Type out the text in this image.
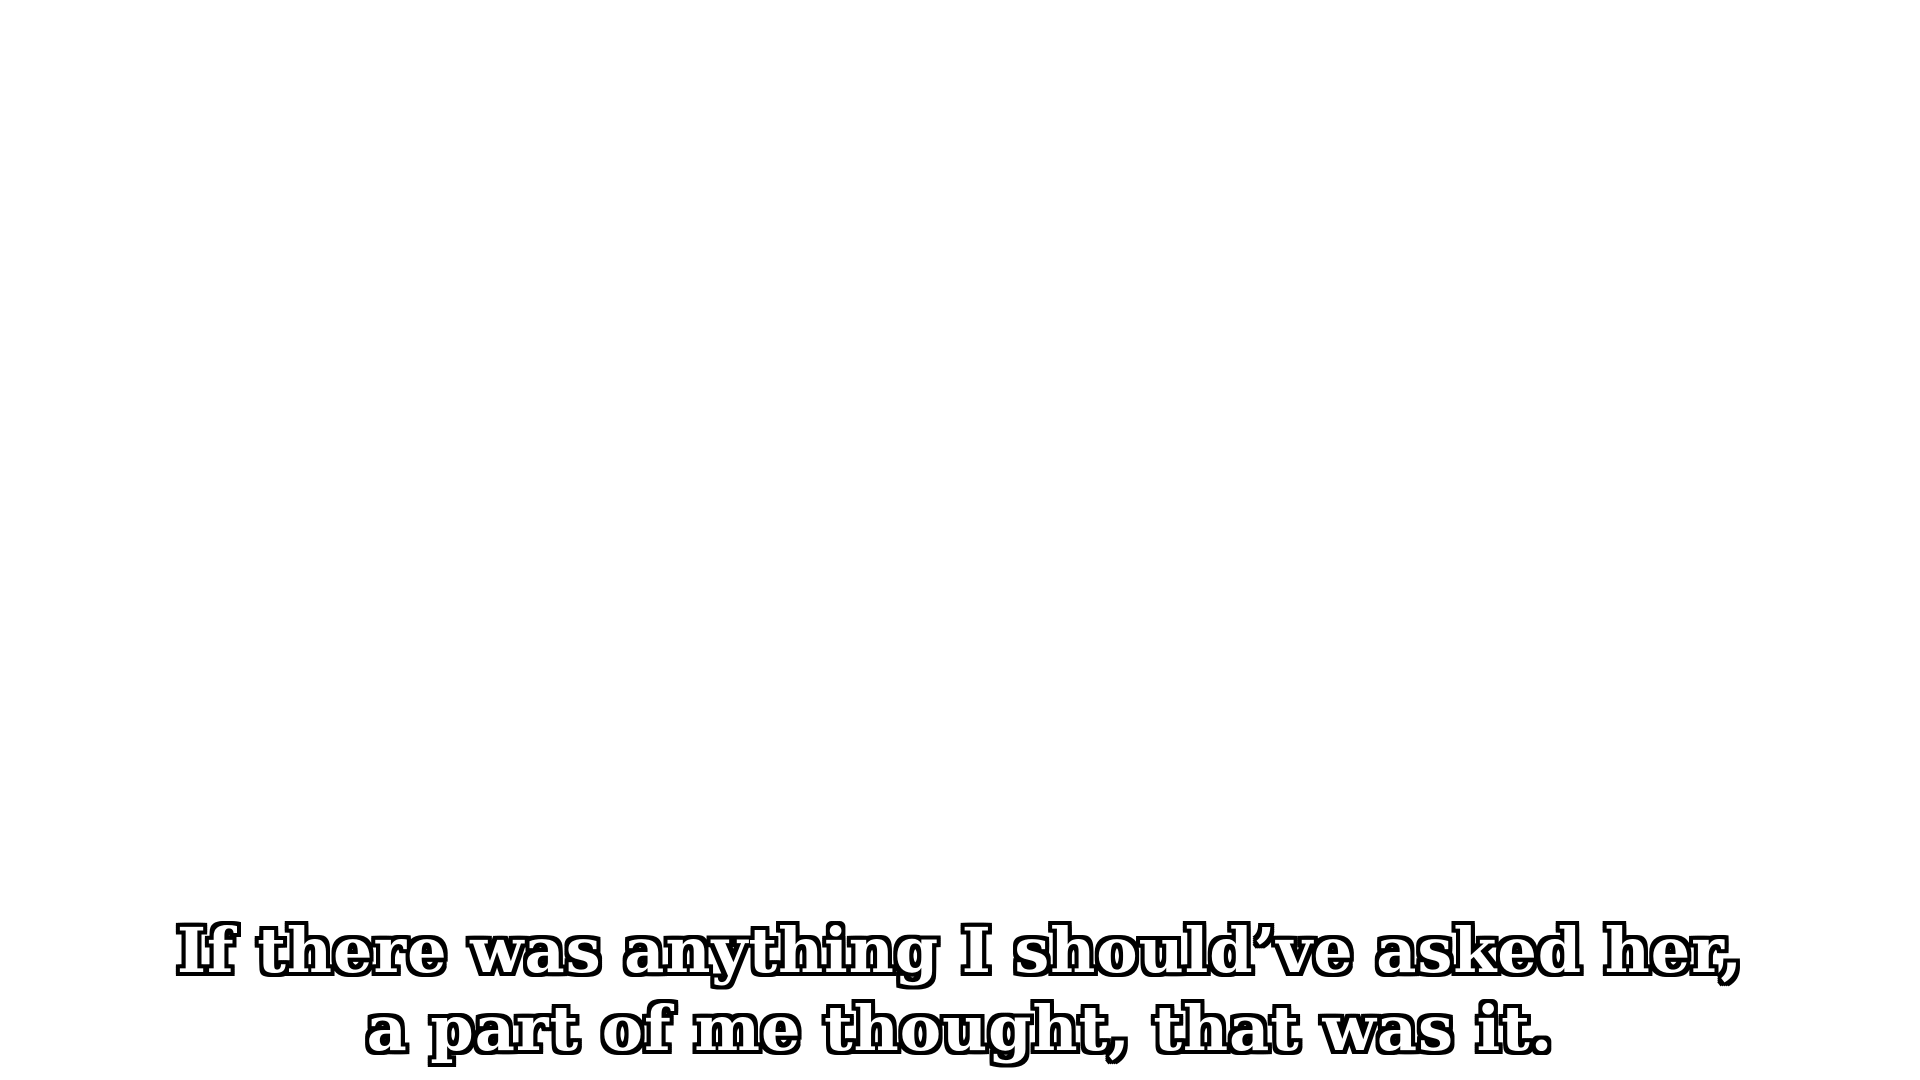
If there was anything I should’ve asked her,
a part of me thought, that was it.
